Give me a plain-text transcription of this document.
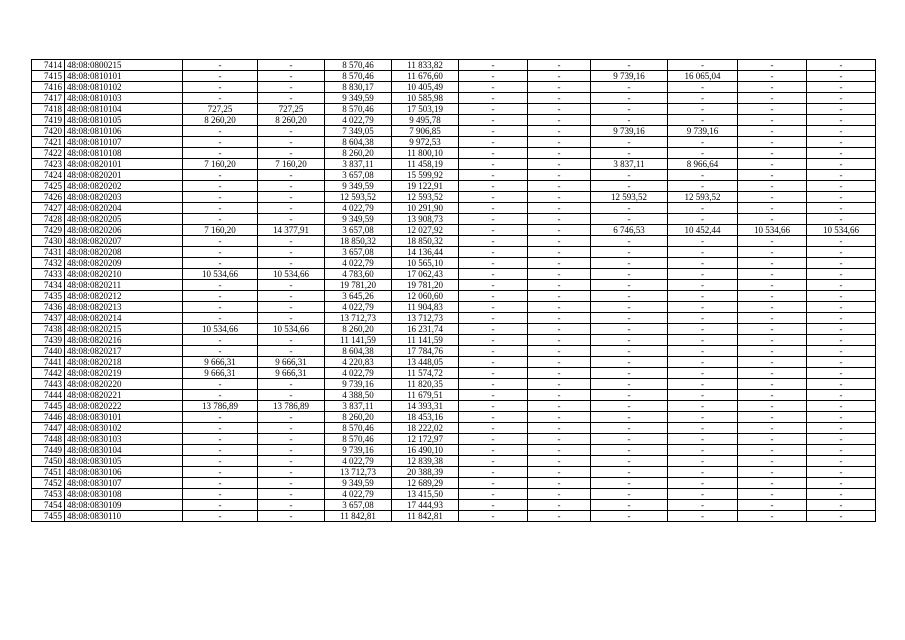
7414	48:08:0800215	-	-	8 570,46	11 833,82	-	-	-	-	-	-
7415	48:08:0810101	-	-	8 570,46	11 676,60	-	-	9 739,16	16 065,04	-	-
7416	48:08:0810102	-	-	8 830,17	10 405,49	-	-	-	-	-	-
7417	48:08:0810103	-	-	9 349,59	10 585,98	-	-	-	-	-	-
7418	48:08:0810104	727,25	727,25	8 570,46	17 503,19	-	-	-	-	-	-
7419	48:08:0810105	8 260,20	8 260,20	4 022,79	9 495,78	-	-	-	-	-	-
7420	48:08:0810106	-	-	7 349,05	7 906,85	-	-	9 739,16	9 739,16	-	-
7421	48:08:0810107	-	-	8 604,38	9 972,53	-	-	-	-	-	-
7422	48:08:0810108	-	-	8 260,20	11 800,10	-	-	-	-	-	-
7423	48:08:0820101	7 160,20	7 160,20	3 837,11	11 458,19	-	-	3 837,11	8 966,64	-	-
7424	48:08:0820201	-	-	3 657,08	15 599,92	-	-	-	-	-	-
7425	48:08:0820202	-	-	9 349,59	19 122,91	-	-	-	-	-	-
7426	48:08:0820203	-	-	12 593,52	12 593,52	-	-	12 593,52	12 593,52	-	-
7427	48:08:0820204	-	-	4 022,79	10 291,90	-	-	-	-	-	-
7428	48:08:0820205	-	-	9 349,59	13 908,73	-	-	-	-	-	-
7429	48:08:0820206	7 160,20	14 377,91	3 657,08	12 027,92	-	-	6 746,53	10 452,44	10 534,66	10 534,66
7430	48:08:0820207	-	-	18 850,32	18 850,32	-	-	-	-	-	-
7431	48:08:0820208	-	-	3 657,08	14 136,44	-	-	-	-	-	-
7432	48:08:0820209	-	-	4 022,79	10 565,10	-	-	-	-	-	-
7433	48:08:0820210	10 534,66	10 534,66	4 783,60	17 062,43	-	-	-	-	-	-
7434	48:08:0820211	-	-	19 781,20	19 781,20	-	-	-	-	-	-
7435	48:08:0820212	-	-	3 645,26	12 060,60	-	-	-	-	-	-
7436	48:08:0820213	-	-	4 022,79	11 904,83	-	-	-	-	-	-
7437	48:08:0820214	-	-	13 712,73	13 712,73	-	-	-	-	-	-
7438	48:08:0820215	10 534,66	10 534,66	8 260,20	16 231,74	-	-	-	-	-	-
7439	48:08:0820216	-	-	11 141,59	11 141,59	-	-	-	-	-	-
7440	48:08:0820217	-	-	8 604,38	17 784,76	-	-	-	-	-	-
7441	48:08:0820218	9 666,31	9 666,31	4 220,83	13 448,05	-	-	-	-	-	-
7442	48:08:0820219	9 666,31	9 666,31	4 022,79	11 574,72	-	-	-	-	-	-
7443	48:08:0820220	-	-	9 739,16	11 820,35	-	-	-	-	-	-
7444	48:08:0820221	-	-	4 388,50	11 679,51	-	-	-	-	-	-
7445	48:08:0820222	13 786,89	13 786,89	3 837,11	14 393,31	-	-	-	-	-	-
7446	48:08:0830101	-	-	8 260,20	18 453,16	-	-	-	-	-	-
7447	48:08:0830102	-	-	8 570,46	18 222,02	-	-	-	-	-	-
7448	48:08:0830103	-	-	8 570,46	12 172,97	-	-	-	-	-	-
7449	48:08:0830104	-	-	9 739,16	16 490,10	-	-	-	-	-	-
7450	48:08:0830105	-	-	4 022,79	12 839,38	-	-	-	-	-	-
7451	48:08:0830106	-	-	13 712,73	20 388,39	-	-	-	-	-	-
7452	48:08:0830107	-	-	9 349,59	12 689,29	-	-	-	-	-	-
7453	48:08:0830108	-	-	4 022,79	13 415,50	-	-	-	-	-	-
7454	48:08:0830109	-	-	3 657,08	17 444,93	-	-	-	-	-	-
7455	48:08:0830110	-	-	11 842,81	11 842,81	-	-	-	-	-	-
